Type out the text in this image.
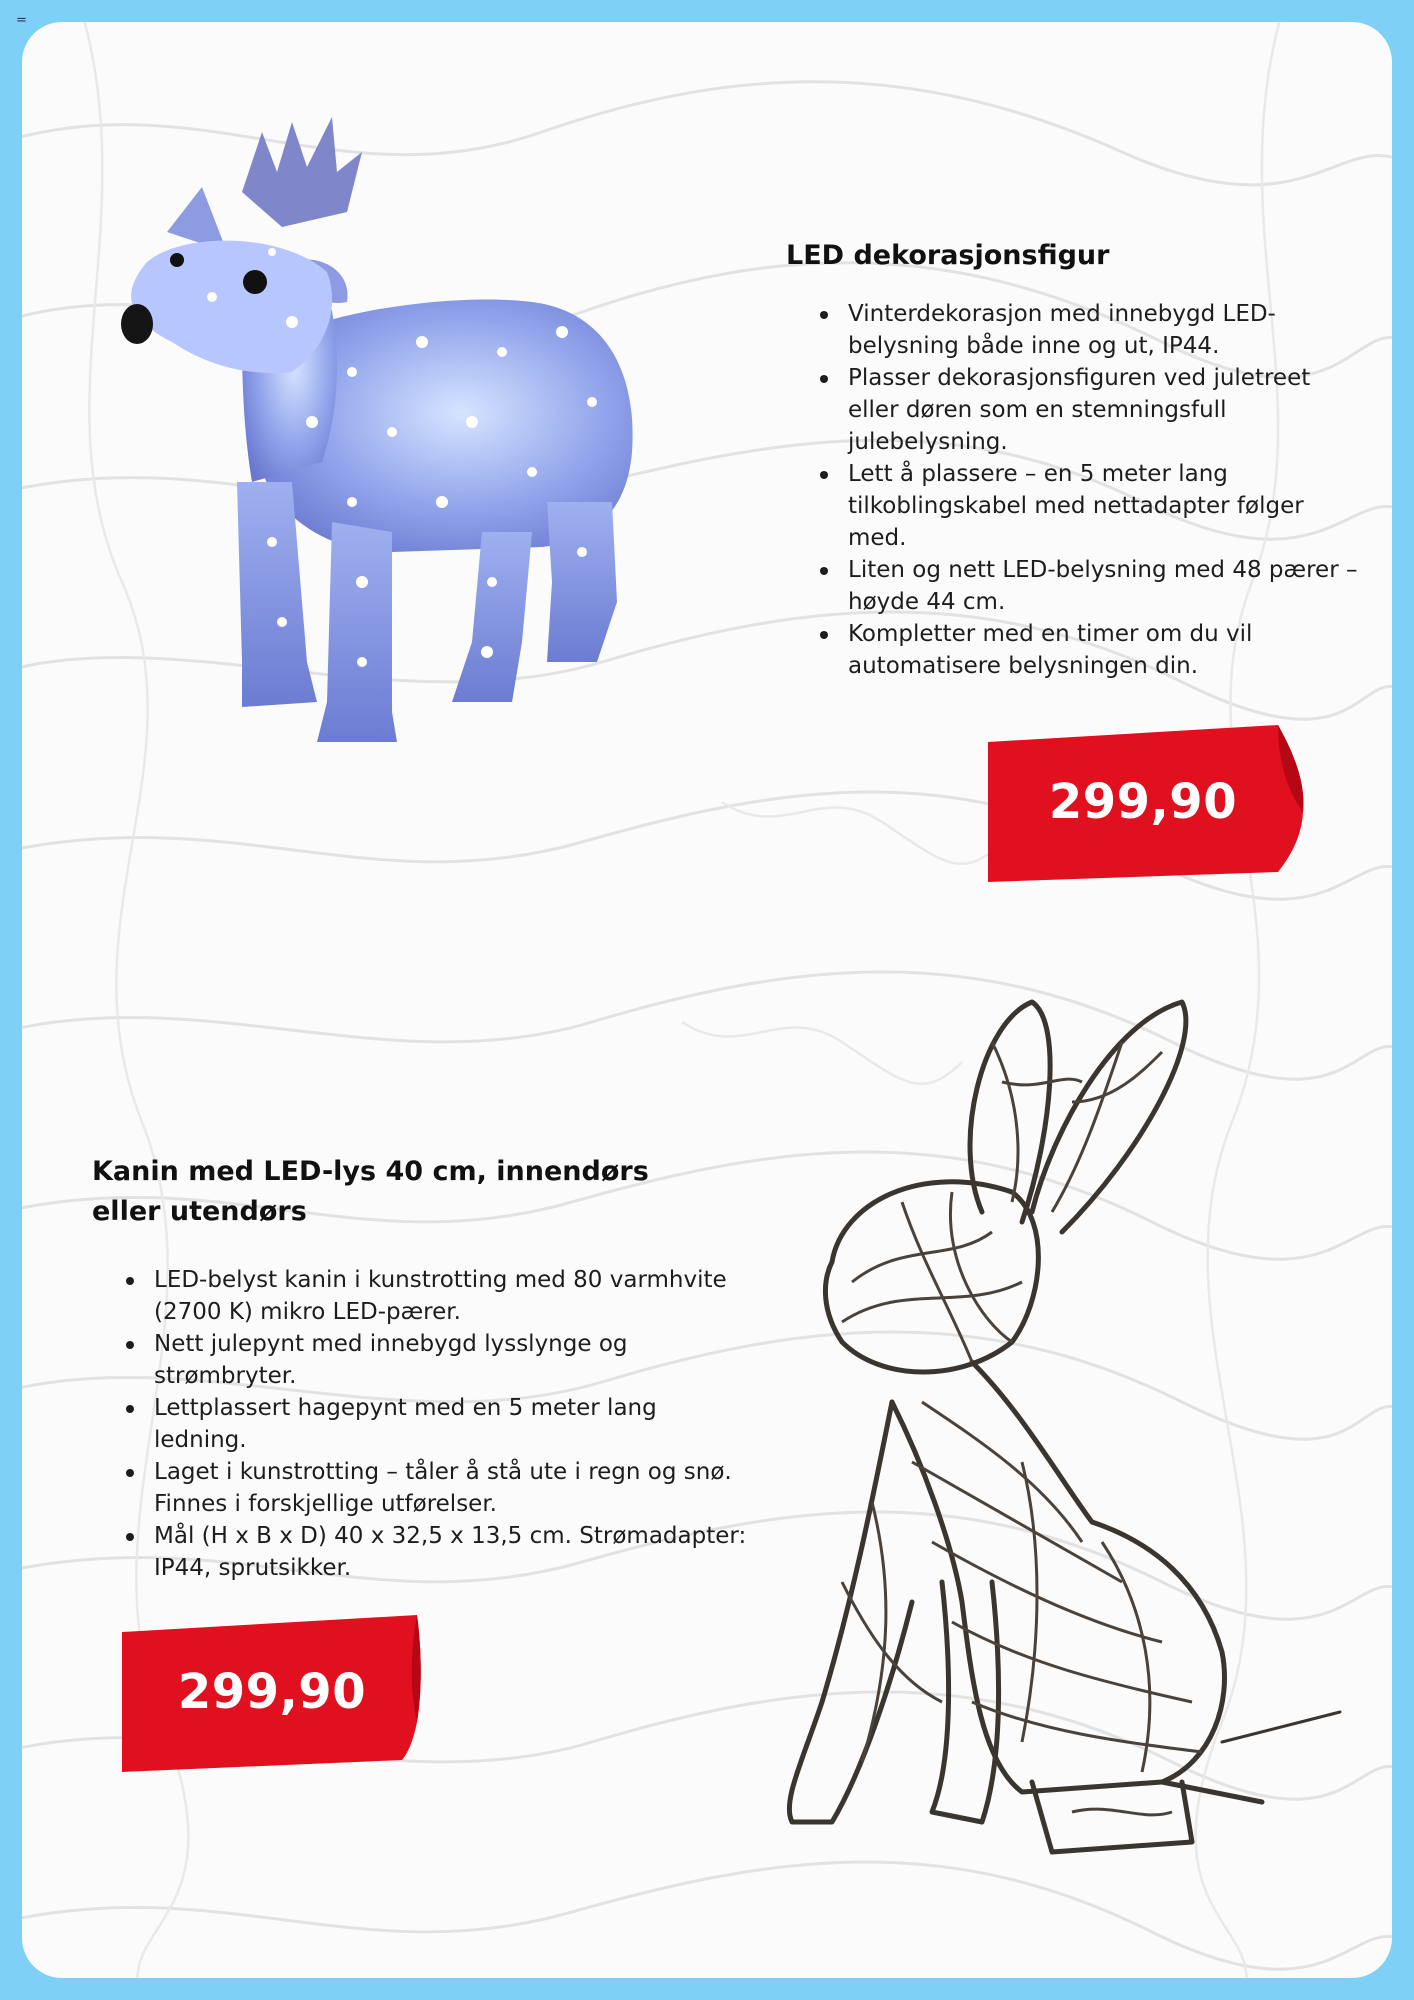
=
LED dekorasjonsfigur
Vinterdekorasjon med innebygd LED-belysning både inne og ut, IP44.
Plasser dekorasjonsfiguren ved juletreet eller døren som en stemningsfull julebelysning.
Lett å plassere – en 5 meter lang tilkoblingskabel med nettadapter følger med.
Liten og nett LED-belysning med 48 pærer – høyde 44 cm.
Kompletter med en timer om du vil automatisere belysningen din.
299,90
Kanin med LED-lys 40 cm, innendørs eller utendørs
LED-belyst kanin i kunstrotting med 80 varmhvite (2700 K) mikro LED-pærer.
Nett julepynt med innebygd lysslynge og strømbryter.
Lettplassert hagepynt med en 5 meter lang ledning.
Laget i kunstrotting – tåler å stå ute i regn og snø. Finnes i forskjellige utførelser.
Mål (H x B x D) 40 x 32,5 x 13,5 cm. Strømadapter: IP44, sprutsikker.
299,90
